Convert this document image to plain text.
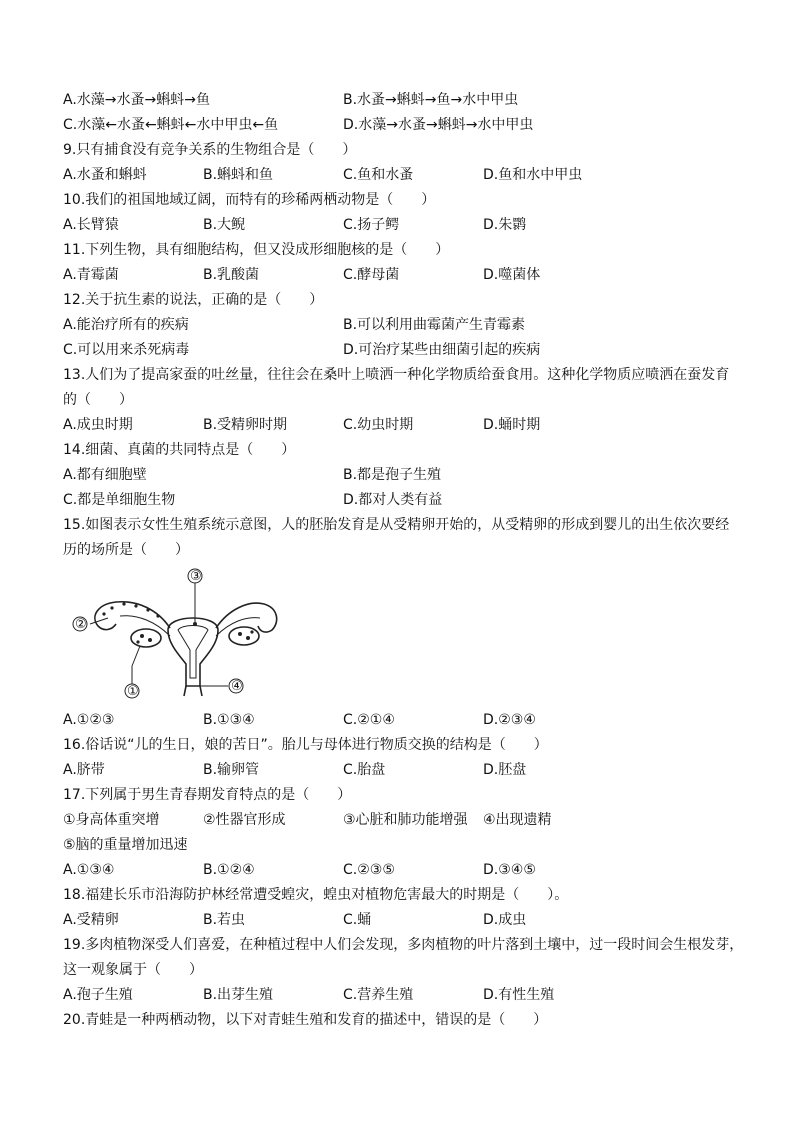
A.水藻→水蚤→蝌蚪→鱼	B.水蚤→蝌蚪→鱼→水中甲虫
C.水藻←水蚤←蝌蚪←水中甲虫←鱼	D.水藻→水蚤→蝌蚪→水中甲虫
9.只有捕食没有竞争关系的生物组合是（　　）
A.水蚤和蝌蚪	B.蝌蚪和鱼	C.鱼和水蚤	D.鱼和水中甲虫
10.我们的祖国地域辽阔，而特有的珍稀两栖动物是（　　）
A.长臂猿	B.大鲵	C.扬子鳄	D.朱鹮
11.下列生物，具有细胞结构，但又没成形细胞核的是（　　）
A.青霉菌	B.乳酸菌	C.酵母菌	D.噬菌体
12.关于抗生素的说法，正确的是（　　）
A.能治疗所有的疾病	B.可以利用曲霉菌产生青霉素
C.可以用来杀死病毒	D.可治疗某些由细菌引起的疾病
13.人们为了提高家蚕的吐丝量，往往会在桑叶上喷洒一种化学物质给蚕食用。这种化学物质应喷洒在蚕发育
的（　　）
A.成虫时期	B.受精卵时期	C.幼虫时期	D.蛹时期
14.细菌、真菌的共同特点是（　　）
A.都有细胞壁	B.都是孢子生殖
C.都是单细胞生物	D.都对人类有益
15.如图表示女性生殖系统示意图，人的胚胎发育是从受精卵开始的，从受精卵的形成到婴儿的出生依次要经
历的场所是（　　）
③
②
①	④
A.①②③	B.①③④	C.②①④	D.②③④
16.俗话说“儿的生日，娘的苦日”。胎儿与母体进行物质交换的结构是（　　）
A.脐带	B.输卵管	C.胎盘	D.胚盘
17.下列属于男生青春期发育特点的是（　　）
①身高体重突增	②性器官形成	③心脏和肺功能增强 ④出现遗精
⑤脑的重量增加迅速
A.①③④	B.①②④	C.②③⑤	D.③④⑤
18.福建长乐市沿海防护林经常遭受蝗灾，蝗虫对植物危害最大的时期是（　　）。
A.受精卵	B.若虫	C.蛹	D.成虫
19.多肉植物深受人们喜爱，在种植过程中人们会发现，多肉植物的叶片落到土壤中，过一段时间会生根发芽，
这一观象属于（　　）
A.孢子生殖	B.出芽生殖	C.营养生殖	D.有性生殖
20.青蛙是一种两栖动物，以下对青蛙生殖和发育的描述中，错误的是（　　）
